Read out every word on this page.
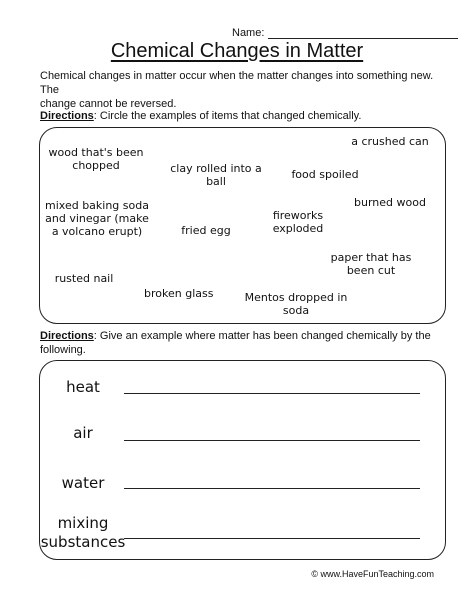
Name:
Chemical Changes in Matter
Chemical changes in matter occur when the matter changes into something new. The
change cannot be reversed.
Directions: Circle the examples of items that changed chemically.
wood that's been
chopped	clay rolled into a
ball
food spoiled
a crushed can
mixed baking soda
and vinegar (make
a volcano erupt)	fried egg
fireworks
exploded
burned wood
paper that has
been cut
rusted nail
broken glass	Mentos dropped in
soda
Directions: Give an example where matter has been changed chemically by the
following.
heat
air
water
mixing
substances
© www.HaveFunTeaching.com
